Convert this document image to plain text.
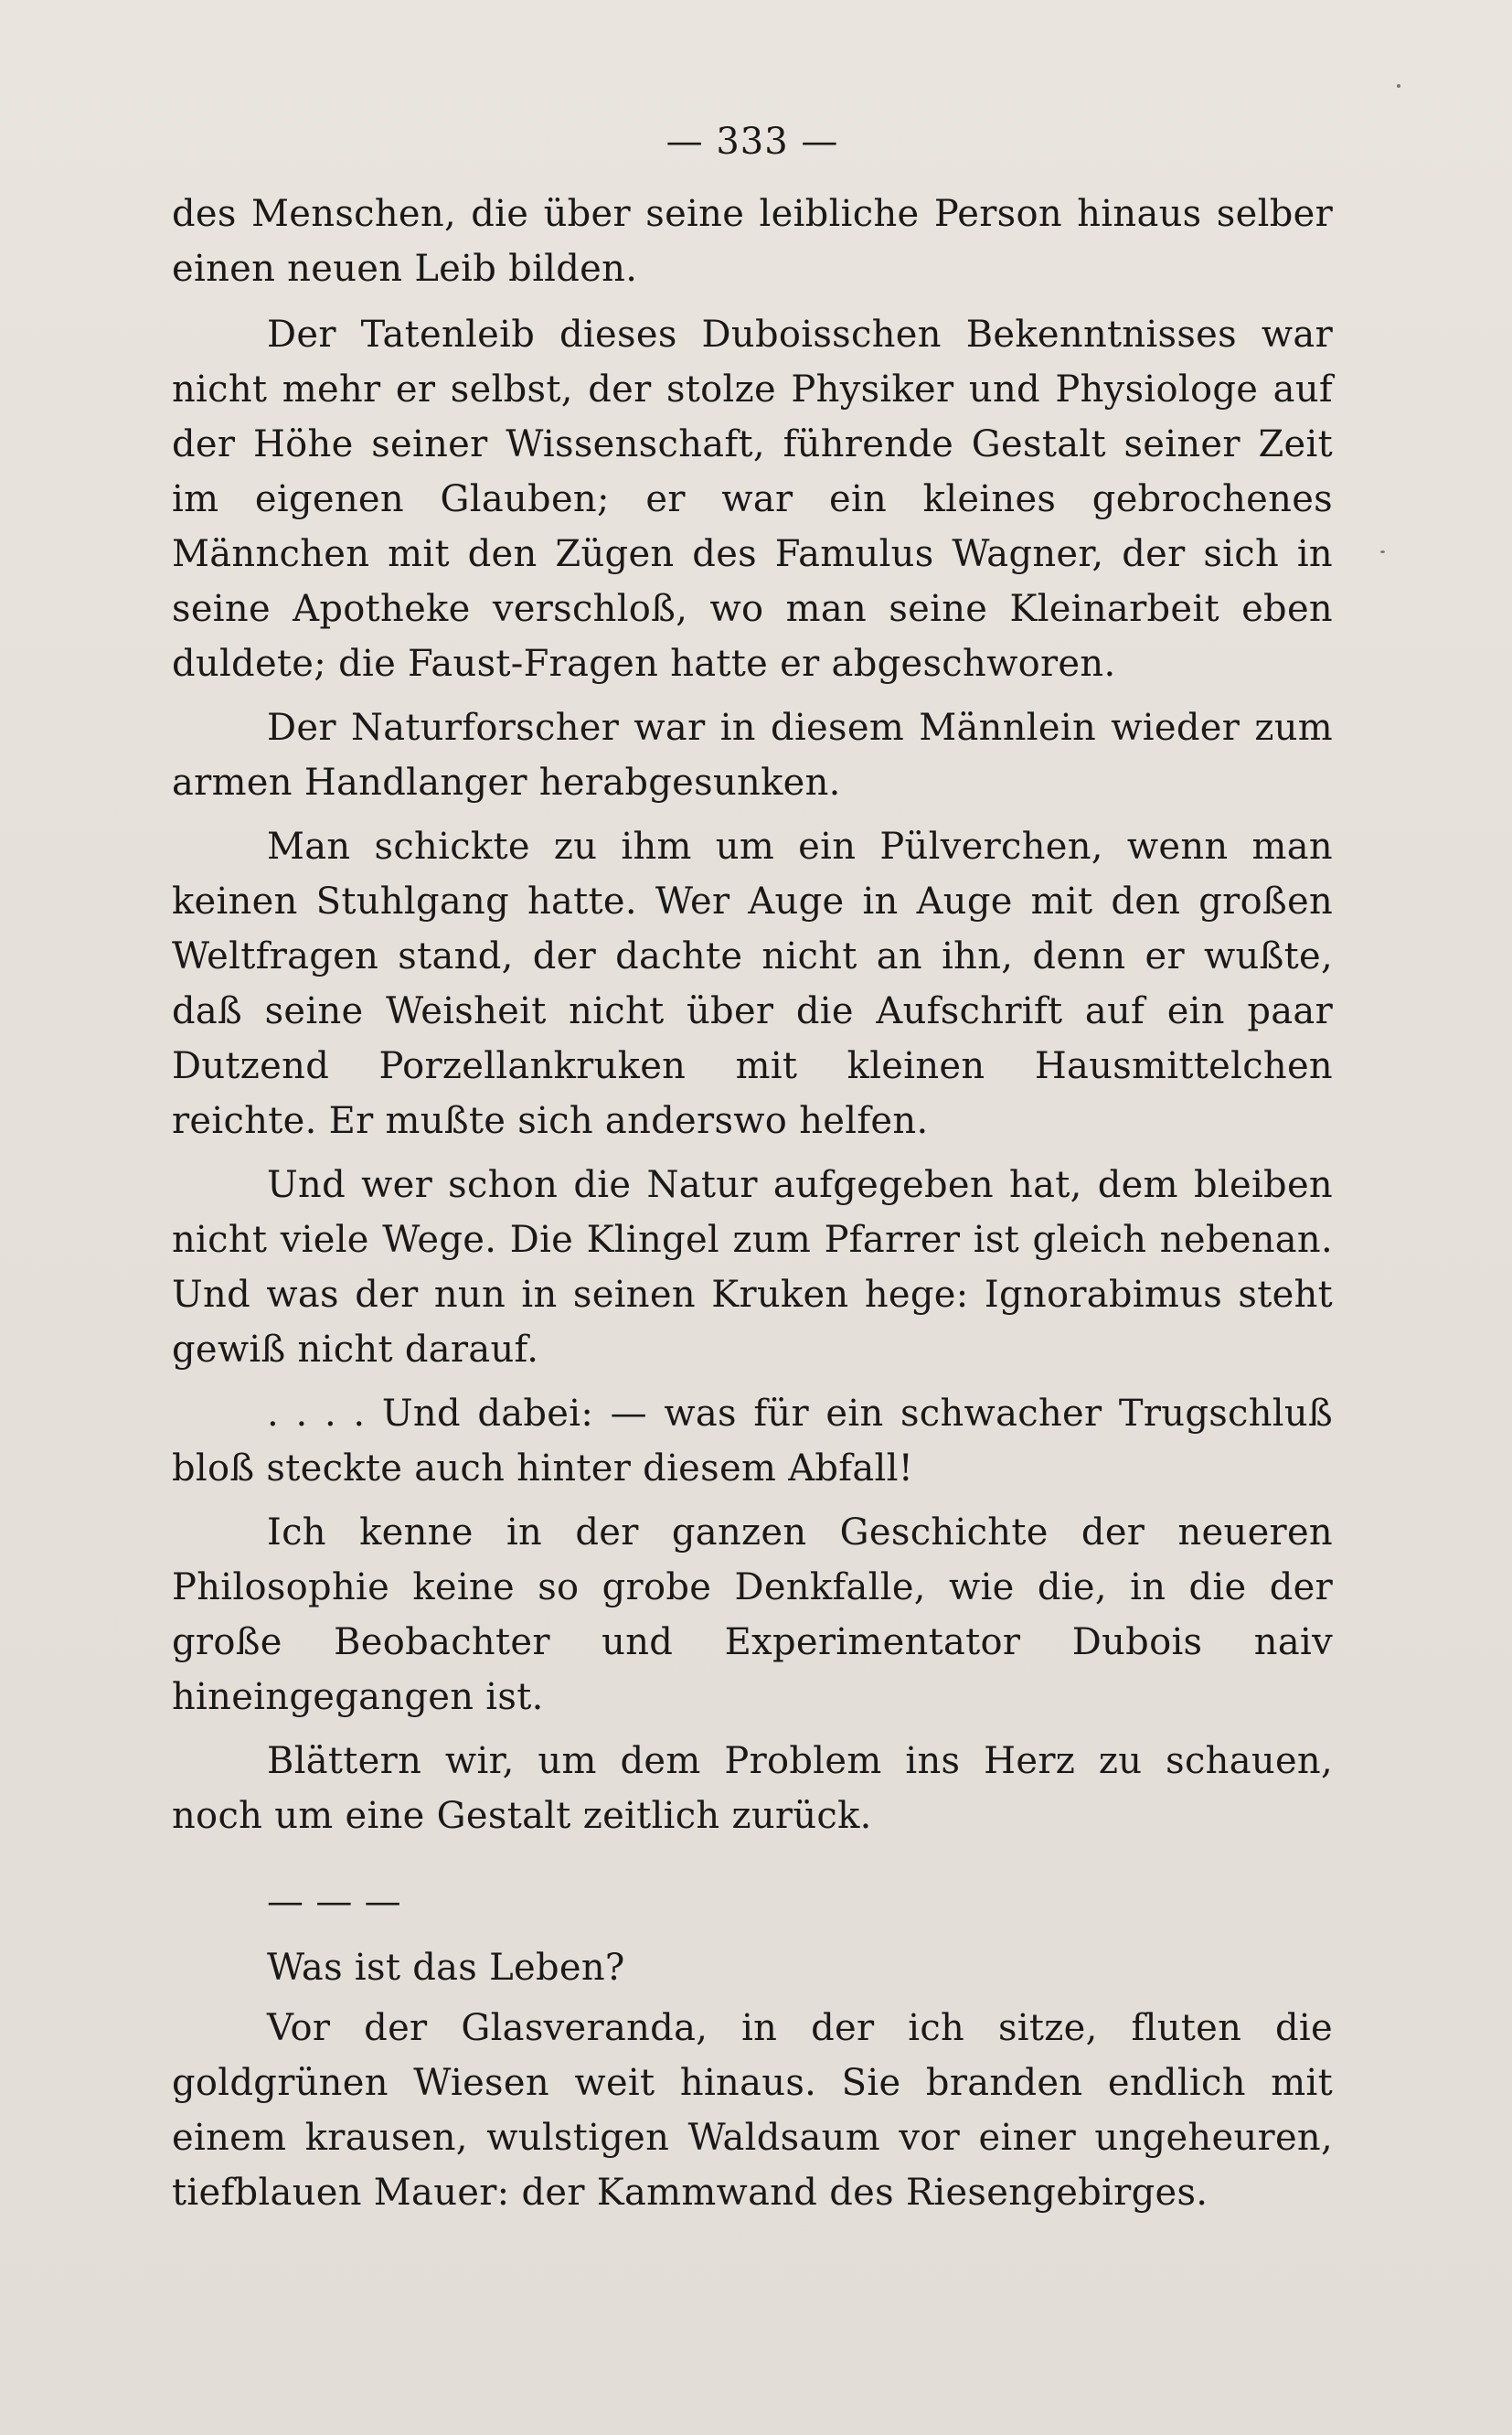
— 333 —

des Menschen, die über seine leibliche Person hinaus selber einen neuen Leib bilden.

Der Tatenleib dieses Duboisschen Bekenntnisses war nicht mehr er selbst, der stolze Physiker und Physiologe auf der Höhe seiner Wissenschaft, führende Gestalt seiner Zeit im eigenen Glauben; er war ein kleines gebrochenes Männchen mit den Zügen des Famulus Wagner, der sich in seine Apotheke verschloß, wo man seine Kleinarbeit eben duldete; die Faust-Fragen hatte er abgeschworen.

Der Naturforscher war in diesem Männlein wieder zum armen Handlanger herabgesunken.

Man schickte zu ihm um ein Pülverchen, wenn man keinen Stuhlgang hatte. Wer Auge in Auge mit den großen Weltfragen stand, der dachte nicht an ihn, denn er wußte, daß seine Weisheit nicht über die Aufschrift auf ein paar Dutzend Porzellankruken mit kleinen Hausmittelchen reichte. Er mußte sich anderswo helfen.

Und wer schon die Natur aufgegeben hat, dem bleiben nicht viele Wege. Die Klingel zum Pfarrer ist gleich nebenan. Und was der nun in seinen Kruken hege: Ignorabimus steht gewiß nicht darauf.

. . . . Und dabei: — was für ein schwacher Trugschluß bloß steckte auch hinter diesem Abfall!

Ich kenne in der ganzen Geschichte der neueren Philosophie keine so grobe Denkfalle, wie die, in die der große Beobachter und Experimentator Dubois naiv hineingegangen ist.

Blättern wir, um dem Problem ins Herz zu schauen, noch um eine Gestalt zeitlich zurück.

— — —
Was ist das Leben?

Vor der Glasveranda, in der ich sitze, fluten die goldgrünen Wiesen weit hinaus. Sie branden endlich mit einem krausen, wulstigen Waldsaum vor einer ungeheuren, tiefblauen Mauer: der Kammwand des Riesengebirges.
